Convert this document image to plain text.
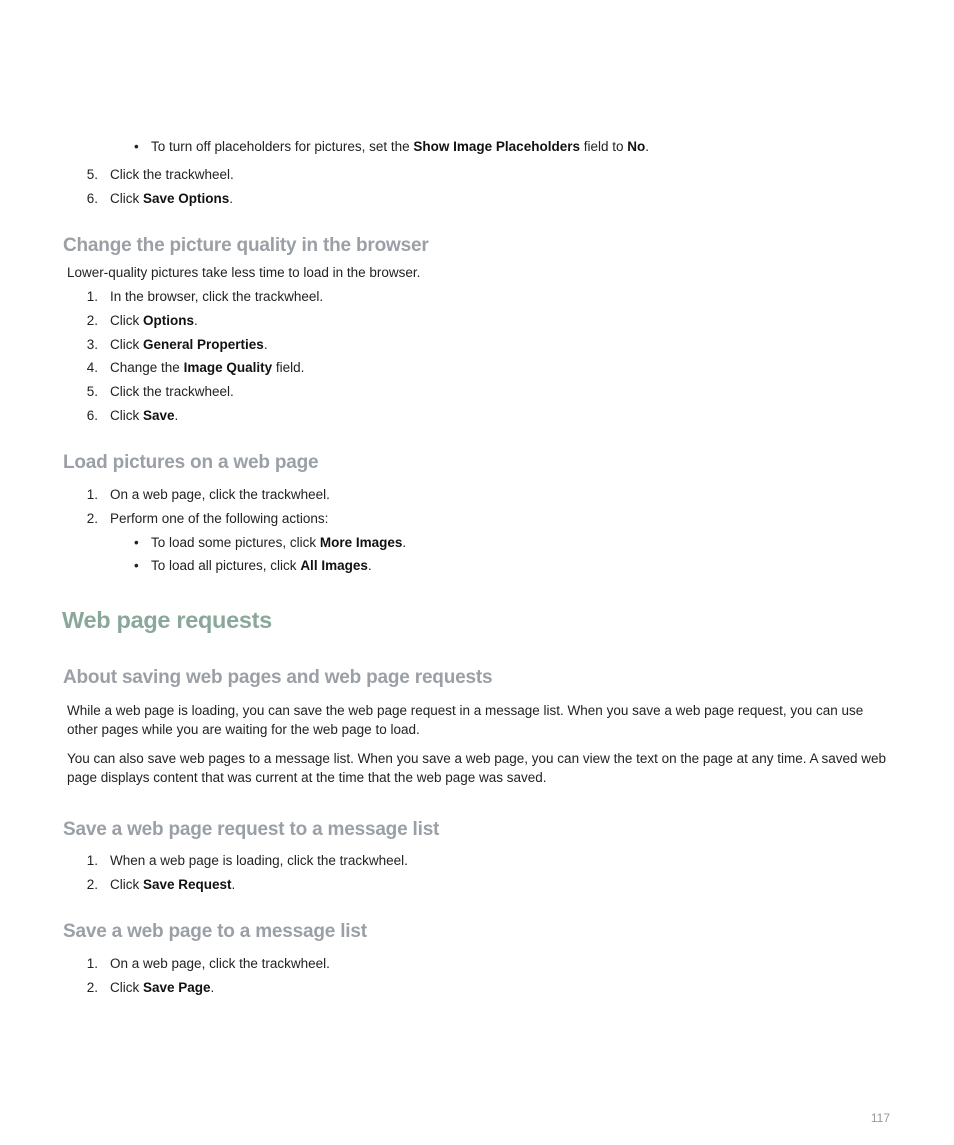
• To turn off placeholders for pictures, set the Show Image Placeholders field to No.
5. Click the trackwheel.
6. Click Save Options.
Change the picture quality in the browser
Lower-quality pictures take less time to load in the browser.
1. In the browser, click the trackwheel.
2. Click Options.
3. Click General Properties.
4. Change the Image Quality field.
5. Click the trackwheel.
6. Click Save.
Load pictures on a web page
1. On a web page, click the trackwheel.
2. Perform one of the following actions:
• To load some pictures, click More Images.
• To load all pictures, click All Images.
Web page requests
About saving web pages and web page requests
While a web page is loading, you can save the web page request in a message list. When you save a web page request, you can use other pages while you are waiting for the web page to load.
You can also save web pages to a message list. When you save a web page, you can view the text on the page at any time. A saved web page displays content that was current at the time that the web page was saved.
Save a web page request to a message list
1. When a web page is loading, click the trackwheel.
2. Click Save Request.
Save a web page to a message list
1. On a web page, click the trackwheel.
2. Click Save Page.
117
